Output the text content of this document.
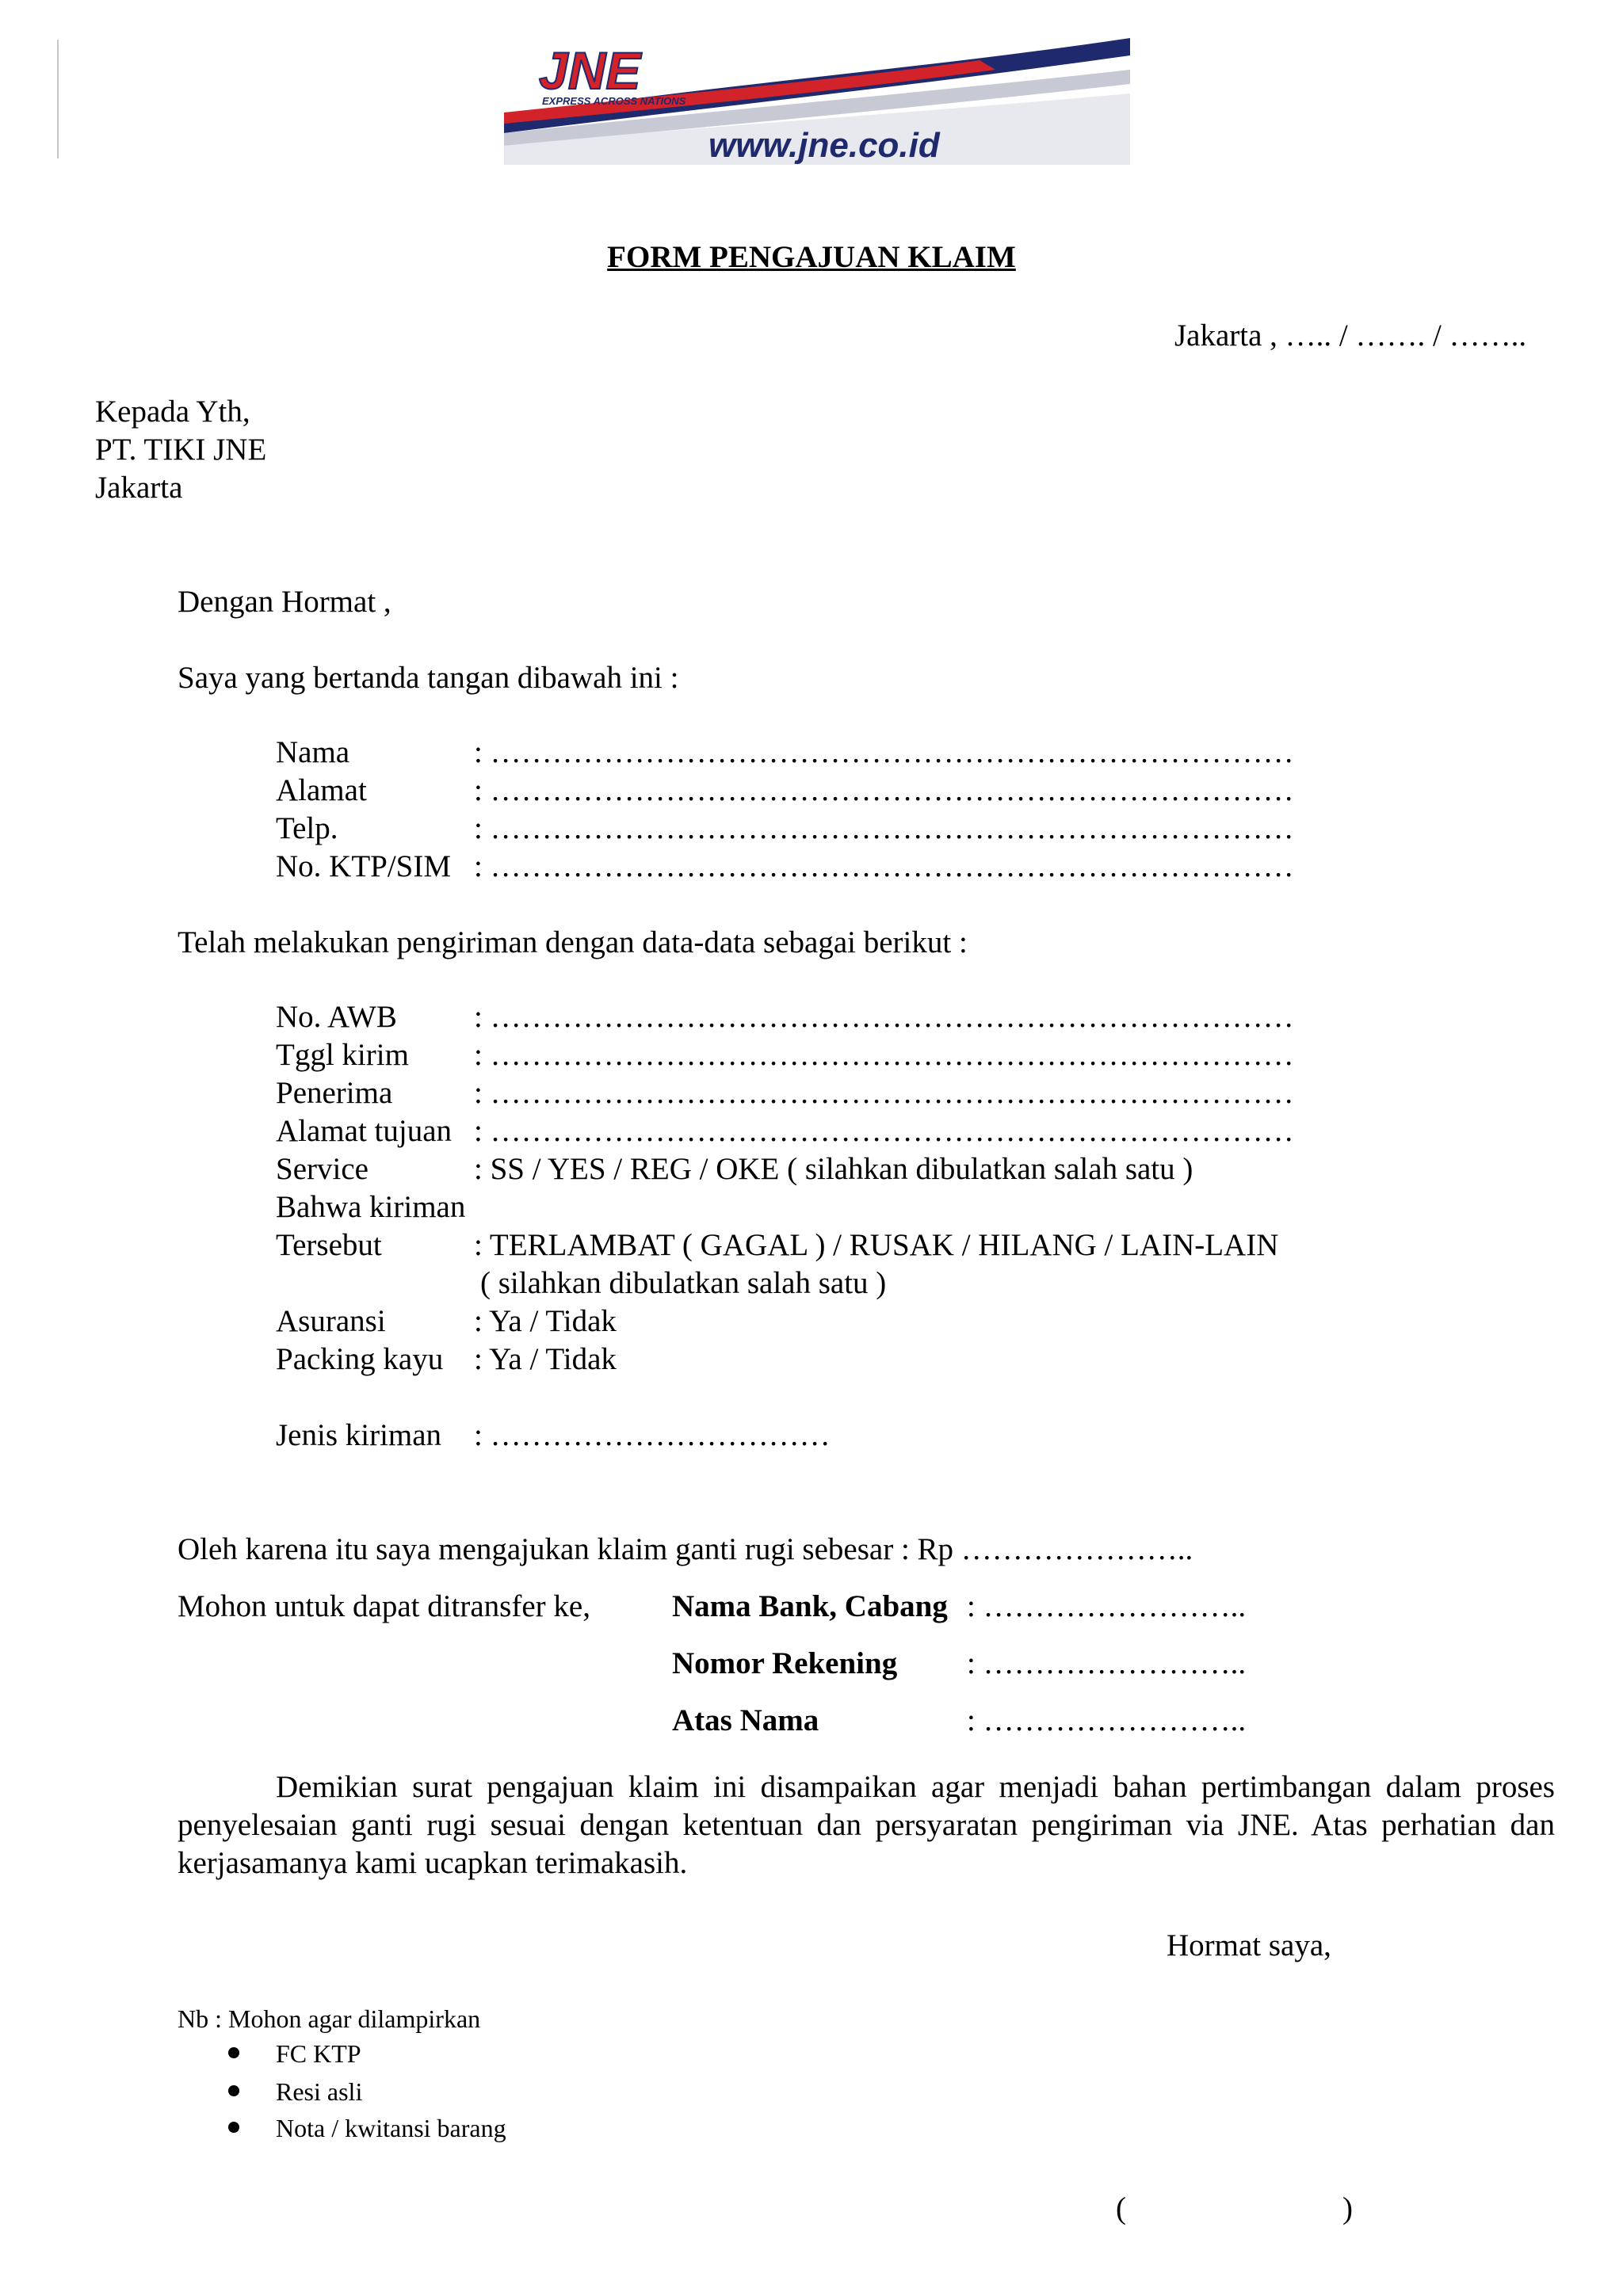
JNE
EXPRESS ACROSS NATIONS
www.jne.co.id
FORM PENGAJUAN KLAIM
Jakarta , ….. / ……. / ……..
Kepada Yth,
PT. TIKI JNE
Jakarta
Dengan Hormat ,
Saya yang bertanda tangan dibawah ini :
Nama	: ……………………………………………………………………
Alamat	: ……………………………………………………………………
Telp.	: ……………………………………………………………………
No. KTP/SIM : ……………………………………………………………………
Telah melakukan pengiriman dengan data-data sebagai berikut :
No. AWB : ……………………………………………………………………
Tggl kirim : ……………………………………………………………………
Penerima	: ……………………………………………………………………
Alamat tujuan : ……………………………………………………………………
Service	: SS / YES / REG / OKE ( silahkan dibulatkan salah satu )
Bahwa kiriman
Tersebut	: TERLAMBAT ( GAGAL ) / RUSAK / HILANG / LAIN-LAIN
( silahkan dibulatkan salah satu )
Asuransi	: Ya / Tidak
Packing kayu : Ya / Tidak
Jenis kiriman : ……………………………
Oleh karena itu saya mengajukan klaim ganti rugi sebesar : Rp …………………..
Mohon untuk dapat ditransfer ke,	Nama Bank, Cabang : ……………………..
Nomor Rekening : ……………………..
Atas Nama	: ……………………..
Demikian surat pengajuan klaim ini disampaikan agar menjadi bahan pertimbangan dalam proses penyelesaian ganti rugi sesuai dengan ketentuan dan persyaratan pengiriman via JNE. Atas perhatian dan kerjasamanya kami ucapkan terimakasih.
Hormat saya,
Nb : Mohon agar dilampirkan
FC KTP
Resi asli
Nota / kwitansi barang
(	)
